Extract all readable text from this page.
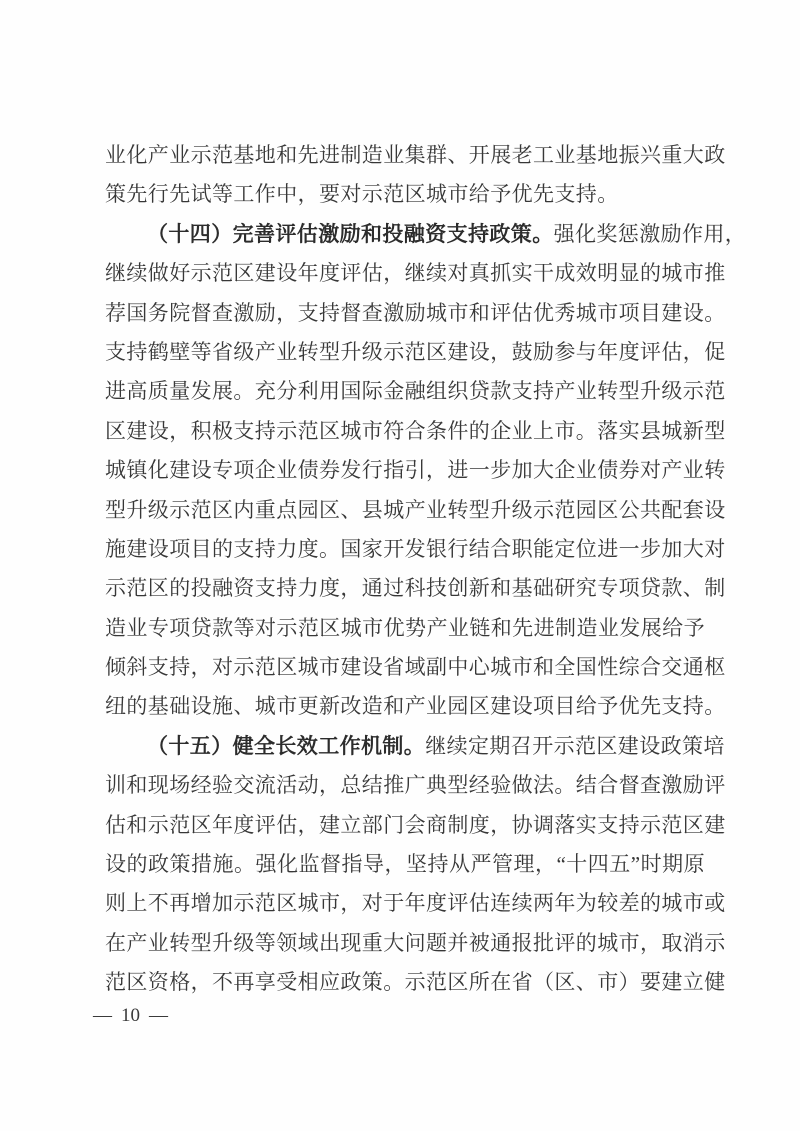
业化产业示范基地和先进制造业集群、开展老工业基地振兴重大政
策先行先试等工作中，要对示范区城市给予优先支持。
（十四）完善评估激励和投融资支持政策。强化奖惩激励作用，
继续做好示范区建设年度评估，继续对真抓实干成效明显的城市推
荐国务院督查激励，支持督查激励城市和评估优秀城市项目建设。
支持鹤壁等省级产业转型升级示范区建设，鼓励参与年度评估，促
进高质量发展。充分利用国际金融组织贷款支持产业转型升级示范
区建设，积极支持示范区城市符合条件的企业上市。落实县城新型
城镇化建设专项企业债券发行指引，进一步加大企业债券对产业转
型升级示范区内重点园区、县城产业转型升级示范园区公共配套设
施建设项目的支持力度。国家开发银行结合职能定位进一步加大对
示范区的投融资支持力度，通过科技创新和基础研究专项贷款、制
造业专项贷款等对示范区城市优势产业链和先进制造业发展给予
倾斜支持，对示范区城市建设省域副中心城市和全国性综合交通枢
纽的基础设施、城市更新改造和产业园区建设项目给予优先支持。
（十五）健全长效工作机制。继续定期召开示范区建设政策培
训和现场经验交流活动，总结推广典型经验做法。结合督查激励评
估和示范区年度评估，建立部门会商制度，协调落实支持示范区建
设的政策措施。强化监督指导，坚持从严管理，“十四五”时期原
则上不再增加示范区城市，对于年度评估连续两年为较差的城市或
在产业转型升级等领域出现重大问题并被通报批评的城市，取消示
范区资格，不再享受相应政策。示范区所在省（区、市）要建立健
— 10 —
